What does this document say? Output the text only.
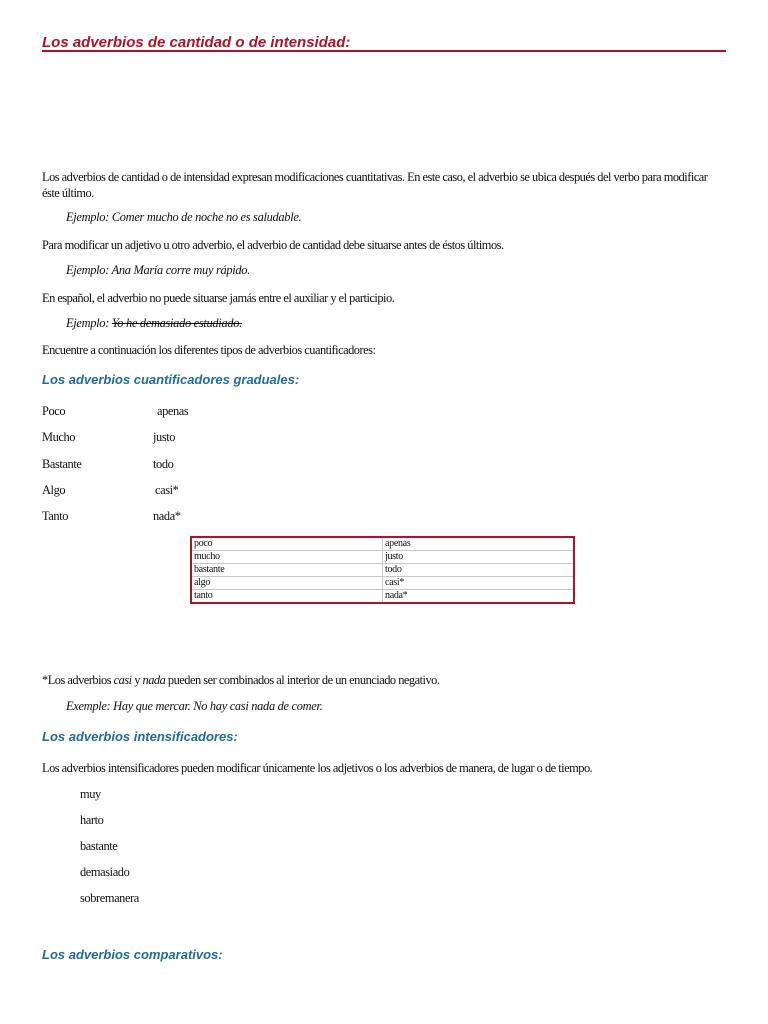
Los adverbios de cantidad o de intensidad:
Los adverbios de cantidad o de intensidad expresan modificaciones cuantitativas. En este caso, el adverbio se ubica después del verbo para modificar éste último.
Ejemplo: Comer mucho de noche no es saludable.
Para modificar un adjetivo u otro adverbio, el adverbio de cantidad debe situarse antes de éstos últimos.
Ejemplo: Ana María corre muy rápido.
En español, el adverbio no puede situarse jamás entre el auxiliar y el participio.
Ejemplo: Yo he demasiado estudiado.
Encuentre a continuación los diferentes tipos de adverbios cuantificadores:
Los adverbios cuantificadores graduales:
Poco	apenas
Mucho	justo
Bastante	todo
Algo	casi*
Tanto	nada*
poco	apenas
mucho	justo
bastante	todo
algo	casi*
tanto	nada*
*Los adverbios casi y nada pueden ser combinados al interior de un enunciado negativo.
Exemple: Hay que mercar. No hay casi nada de comer.
Los adverbios intensificadores:
Los adverbios intensificadores pueden modificar únicamente los adjetivos o los adverbios de manera, de lugar o de tiempo.
muy
harto
bastante
demasiado
sobremanera
Los adverbios comparativos:
